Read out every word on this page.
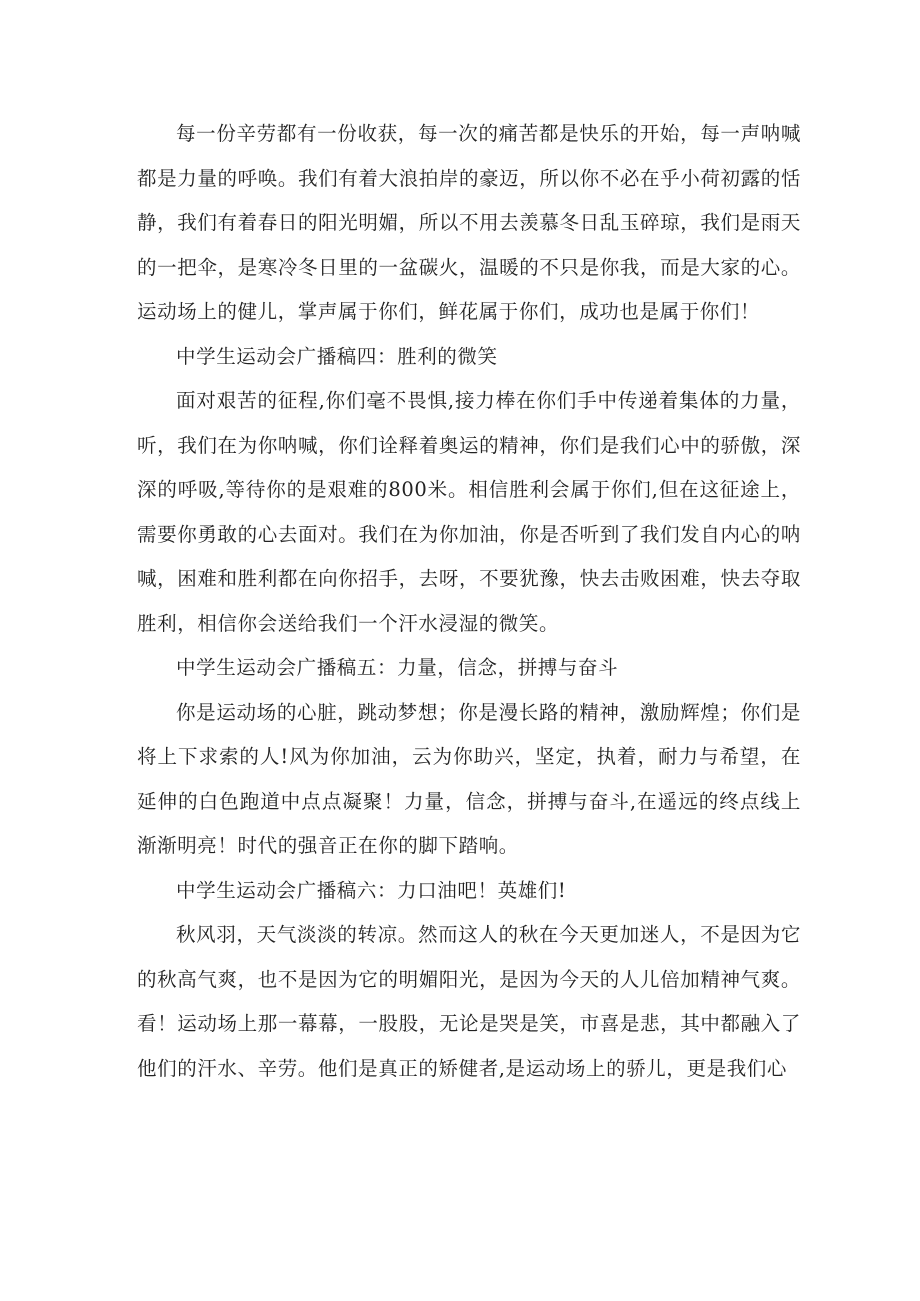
每一份辛劳都有一份收获，每一次的痛苦都是快乐的开始，每一声呐喊都是力量的呼唤。我们有着大浪拍岸的豪迈，所以你不必在乎小荷初露的恬静，我们有着春日的阳光明媚，所以不用去羡慕冬日乱玉碎琼，我们是雨天的一把伞，是寒冷冬日里的一盆碳火，温暖的不只是你我，而是大家的心。运动场上的健儿，掌声属于你们，鲜花属于你们，成功也是属于你们！

中学生运动会广播稿四：胜利的微笑

面对艰苦的征程,你们毫不畏惧,接力棒在你们手中传递着集体的力量，听，我们在为你呐喊，你们诠释着奥运的精神，你们是我们心中的骄傲，深深的呼吸,等待你的是艰难的800米。相信胜利会属于你们,但在这征途上，需要你勇敢的心去面对。我们在为你加油，你是否听到了我们发自内心的呐喊，困难和胜利都在向你招手，去呀，不要犹豫，快去击败困难，快去夺取胜利，相信你会送给我们一个汗水浸湿的微笑。

中学生运动会广播稿五：力量，信念，拼搏与奋斗

你是运动场的心脏，跳动梦想；你是漫长路的精神，激励辉煌；你们是将上下求索的人!风为你加油，云为你助兴，坚定，执着，耐力与希望，在延伸的白色跑道中点点凝聚！力量，信念，拼搏与奋斗,在遥远的终点线上渐渐明亮！时代的强音正在你的脚下踏响。

中学生运动会广播稿六：力口油吧！英雄们!

秋风羽，天气淡淡的转凉。然而这人的秋在今天更加迷人，不是因为它的秋高气爽，也不是因为它的明媚阳光，是因为今天的人儿倍加精神气爽。看！运动场上那一幕幕，一股股，无论是哭是笑，市喜是悲，其中都融入了他们的汗水、辛劳。他们是真正的矫健者,是运动场上的骄儿，更是我们心
